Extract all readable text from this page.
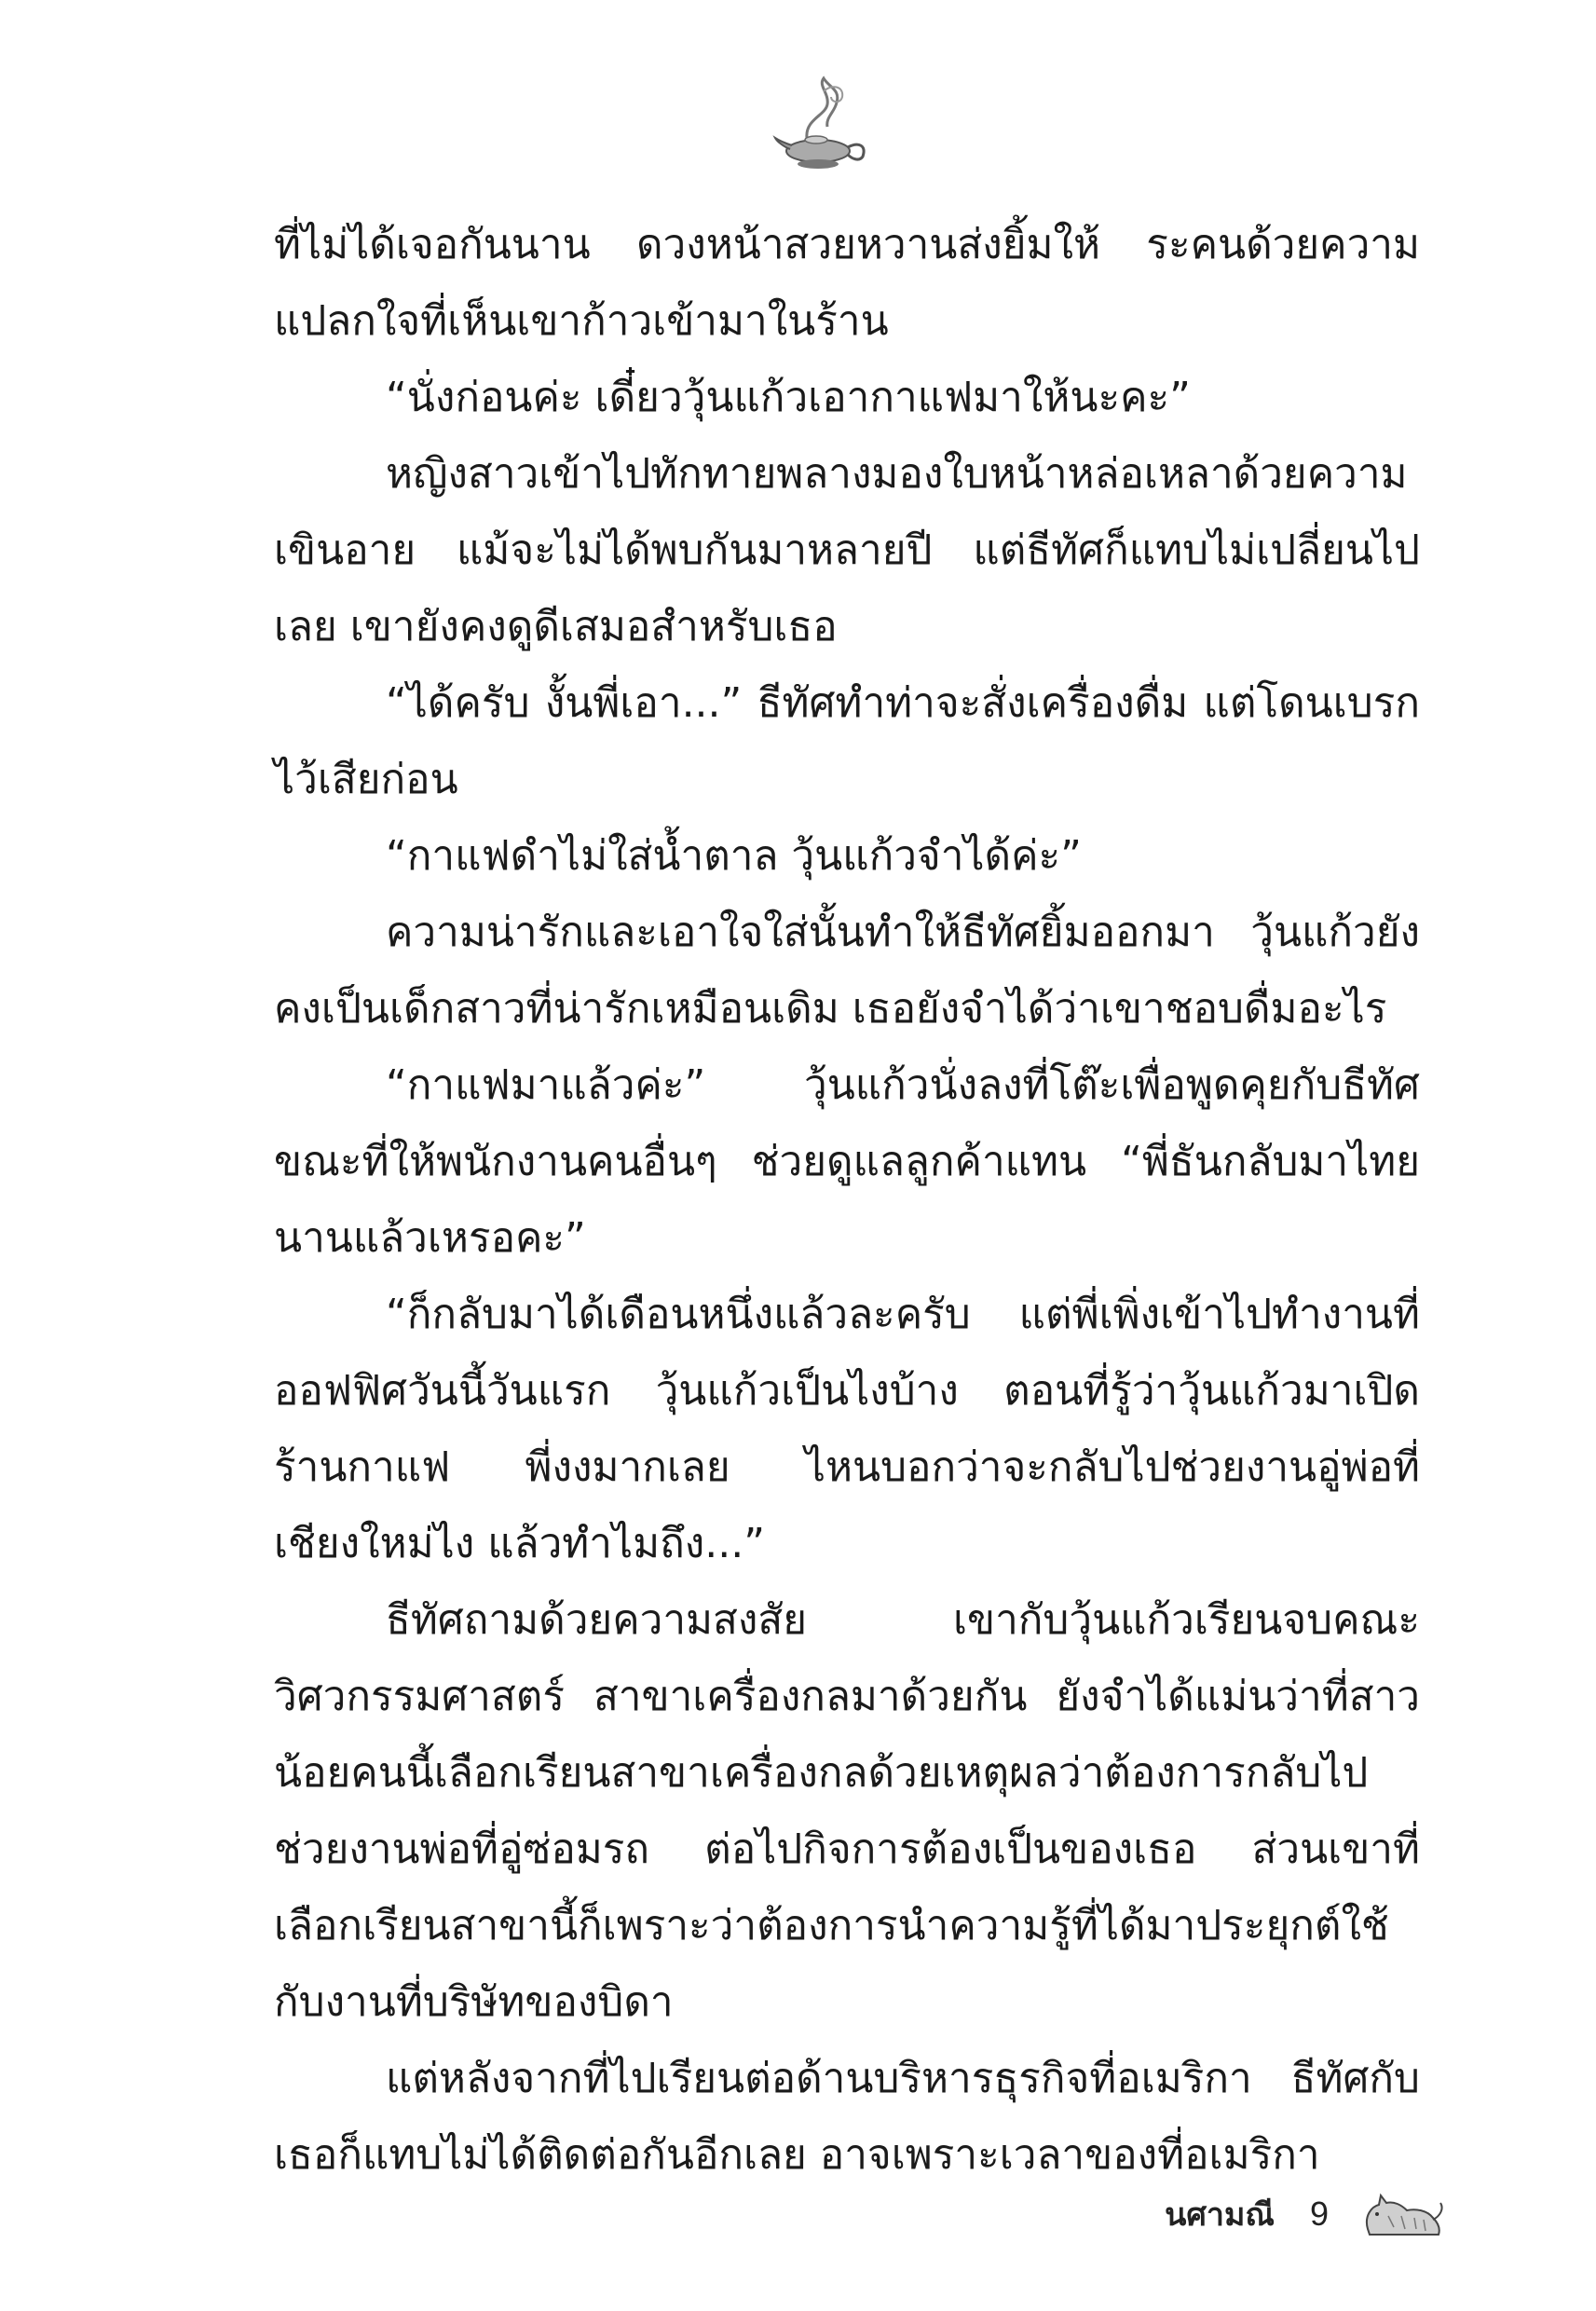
ที่ไม่ได้เจอกันนาน ดวงหน้าสวยหวานส่งยิ้มให้ ระคนด้วยความแปลกใจที่เห็นเขาก้าวเข้ามาในร้าน

“นั่งก่อนค่ะ เดี๋ยววุ้นแก้วเอากาแฟมาให้นะคะ”

หญิงสาวเข้าไปทักทายพลางมองใบหน้าหล่อเหลาด้วยความเขินอาย แม้จะไม่ได้พบกันมาหลายปี แต่ธีทัศก็แทบไม่เปลี่ยนไปเลย เขายังคงดูดีเสมอสำหรับเธอ

“ได้ครับ งั้นพี่เอา...” ธีทัศทำท่าจะสั่งเครื่องดื่ม แต่โดนเบรกไว้เสียก่อน

“กาแฟดำไม่ใส่น้ำตาล วุ้นแก้วจำได้ค่ะ”

ความน่ารักและเอาใจใส่นั้นทำให้ธีทัศยิ้มออกมา วุ้นแก้วยังคงเป็นเด็กสาวที่น่ารักเหมือนเดิม เธอยังจำได้ว่าเขาชอบดื่มอะไร

“กาแฟมาแล้วค่ะ” วุ้นแก้วนั่งลงที่โต๊ะเพื่อพูดคุยกับธีทัศขณะที่ให้พนักงานคนอื่นๆ ช่วยดูแลลูกค้าแทน “พี่ธันกลับมาไทยนานแล้วเหรอคะ”

“ก็กลับมาได้เดือนหนึ่งแล้วละครับ แต่พี่เพิ่งเข้าไปทำงานที่ออฟฟิศวันนี้วันแรก วุ้นแก้วเป็นไงบ้าง ตอนที่รู้ว่าวุ้นแก้วมาเปิดร้านกาแฟ พี่งงมากเลย ไหนบอกว่าจะกลับไปช่วยงานอู่พ่อที่เชียงใหม่ไง แล้วทำไมถึง...”

ธีทัศถามด้วยความสงสัย เขากับวุ้นแก้วเรียนจบคณะวิศวกรรมศาสตร์ สาขาเครื่องกลมาด้วยกัน ยังจำได้แม่นว่าที่สาวน้อยคนนี้เลือกเรียนสาขาเครื่องกลด้วยเหตุผลว่าต้องการกลับไปช่วยงานพ่อที่อู่ซ่อมรถ ต่อไปกิจการต้องเป็นของเธอ ส่วนเขาที่เลือกเรียนสาขานี้ก็เพราะว่าต้องการนำความรู้ที่ได้มาประยุกต์ใช้กับงานที่บริษัทของบิดา

แต่หลังจากที่ไปเรียนต่อด้านบริหารธุรกิจที่อเมริกา ธีทัศกับเธอก็แทบไม่ได้ติดต่อกันอีกเลย อาจเพราะเวลาของที่อเมริกา

นศามณี 9
